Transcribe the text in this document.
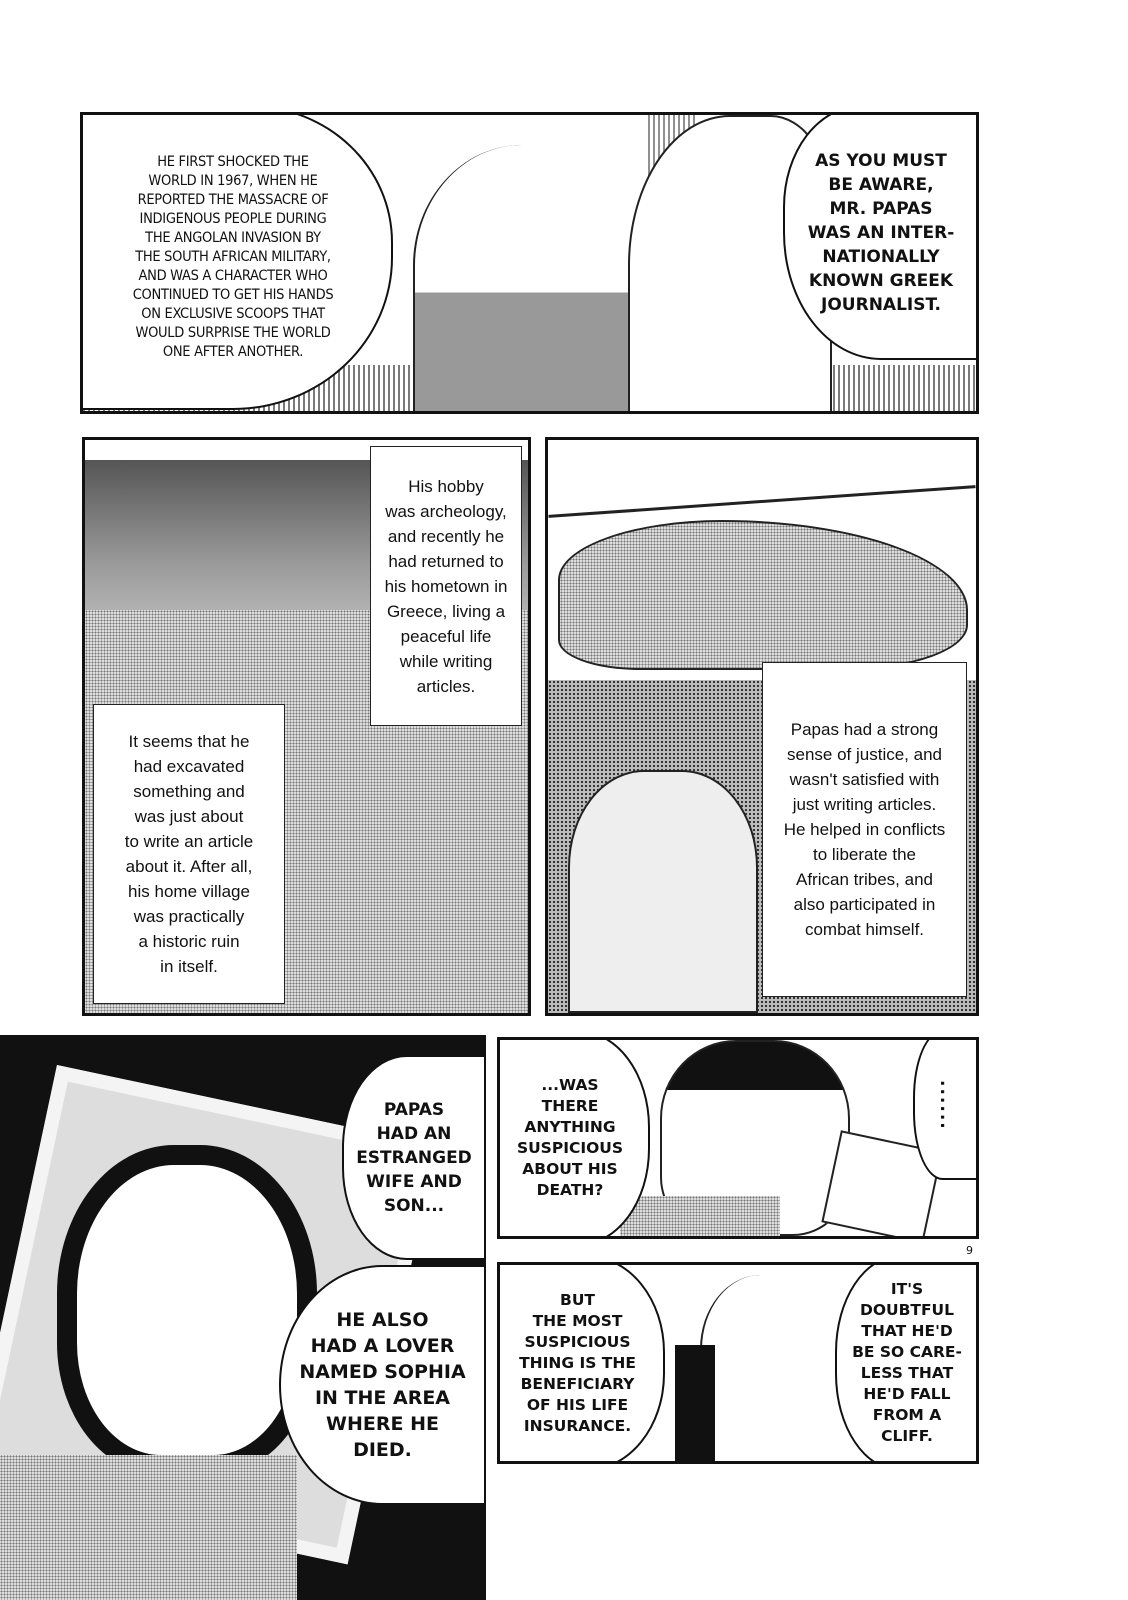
HE FIRST SHOCKED THE
WORLD IN 1967, WHEN HE
REPORTED THE MASSACRE OF
INDIGENOUS PEOPLE DURING
THE ANGOLAN INVASION BY
THE SOUTH AFRICAN MILITARY,
AND WAS A CHARACTER WHO
CONTINUED TO GET HIS HANDS
ON EXCLUSIVE SCOOPS THAT
WOULD SURPRISE THE WORLD
ONE AFTER ANOTHER.
AS YOU MUST
BE AWARE,
MR. PAPAS
WAS AN INTER-
NATIONALLY
KNOWN GREEK
JOURNALIST.
His hobby
was archeology,
and recently he
had returned to
his hometown in
Greece, living a
peaceful life
while writing
articles.
It seems that he
had excavated
something and
was just about
to write an article
about it. After all,
his home village
was practically
a historic ruin
in itself.
Papas had a strong
sense of justice, and
wasn't satisfied with
just writing articles.
He helped in conflicts
to liberate the
African tribes, and
also participated in
combat himself.
PAPAS
HAD AN
ESTRANGED
WIFE AND
SON...
HE ALSO
HAD A LOVER
NAMED SOPHIA
IN THE AREA
WHERE HE
DIED.
...WAS
THERE
ANYTHING
SUSPICIOUS
ABOUT HIS
DEATH?
......
9
BUT
THE MOST
SUSPICIOUS
THING IS THE
BENEFICIARY
OF HIS LIFE
INSURANCE.
IT'S
DOUBTFUL
THAT HE'D
BE SO CARE-
LESS THAT
HE'D FALL
FROM A
CLIFF.
